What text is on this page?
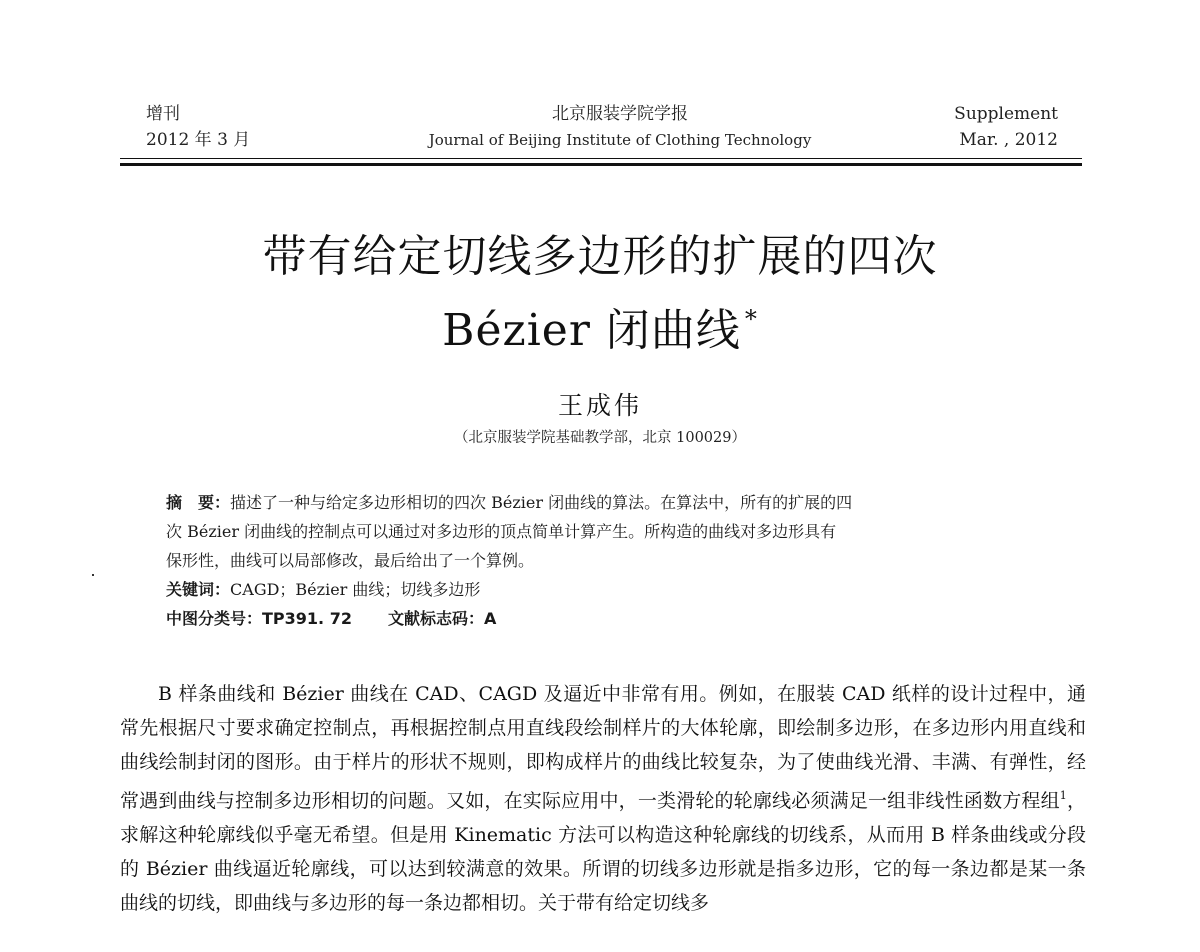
增刊
2012 年 3 月
北京服装学院学报
Journal of Beijing Institute of Clothing Technology
Supplement
Mar. , 2012
带有给定切线多边形的扩展的四次
Bézier 闭曲线 *
王成伟
（北京服装学院基础教学部，北京 100029）

摘　要：描述了一种与给定多边形相切的四次 Bézier 闭曲线的算法。在算法中，所有的扩展的四

次 Bézier 闭曲线的控制点可以通过对多边形的顶点简单计算产生。所构造的曲线对多边形具有

保形性，曲线可以局部修改，最后给出了一个算例。

关键词：CAGD；Bézier 曲线；切线多边形

中图分类号：TP391. 72 文献标志码：A

B 样条曲线和 Bézier 曲线在 CAD、CAGD 及逼近中非常有用。例如，在服装 CAD 纸样的设计过程中，通常先根据尺寸要求确定控制点，再根据控制点用直线段绘制样片的大体轮廓，即绘制多边形，在多边形内用直线和曲线绘制封闭的图形。由于样片的形状不规则，即构成样片的曲线比较复杂，为了使曲线光滑、丰满、有弹性，经常遇到曲线与控制多边形相切的问题。又如，在实际应用中，一类滑轮的轮廓线必须满足一组非线性函数方程组$^1$，求解这种轮廓线似乎毫无希望。但是用 Kinematic 方法可以构造这种轮廓线的切线系，从而用 B 样条曲线或分段的 Bézier 曲线逼近轮廓线，可以达到较满意的效果。所谓的切线多边形就是指多边形，它的每一条边都是某一条曲线的切线，即曲线与多边形的每一条边都相切。关于带有给定切线多
